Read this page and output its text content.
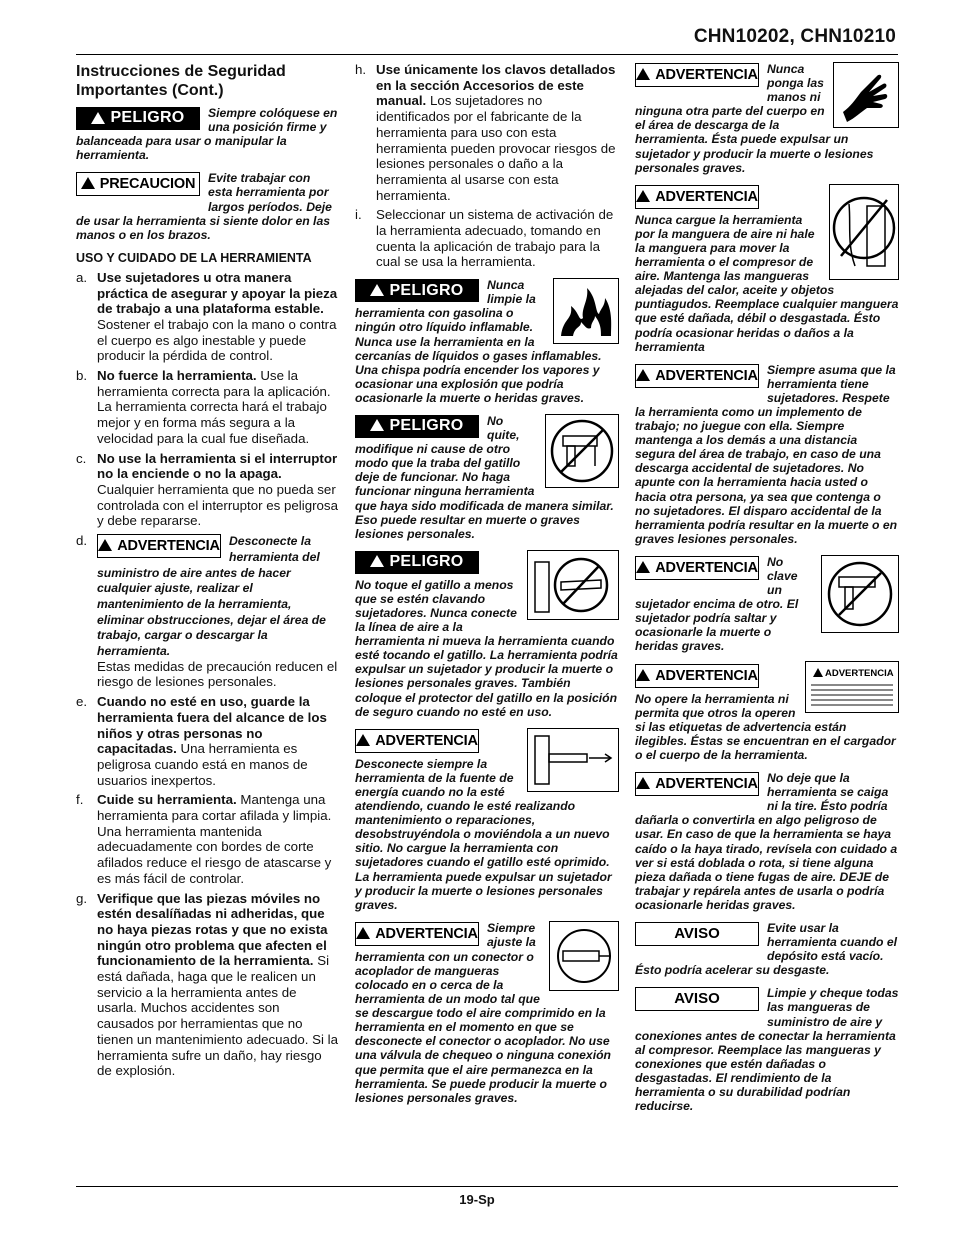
CHN10202, CHN10210
Instrucciones de Seguridad Importantes (Cont.)
PELIGRO Siempre colóquese en una posición firme y balanceada para usar o manipular la herramienta.
PRECAUCION Evite trabajar con esta herramienta por largos períodos. Deje de usar la herramienta si siente dolor en las manos o en los brazos.
USO Y CUIDADO DE LA HERRAMIENTA
a. Use sujetadores u otra manera práctica de asegurar y apoyar la pieza de trabajo a una plataforma estable. Sostener el trabajo con la mano o contra el cuerpo es algo inestable y puede producir la pérdida de control.
b. No fuerce la herramienta. Use la herramienta correcta para la aplicación. La herramienta correcta hará el trabajo mejor y en forma más segura a la velocidad para la cual fue diseñada.
c. No use la herramienta si el interruptor no la enciende o no la apaga. Cualquier herramienta que no pueda ser controlada con el interruptor es peligrosa y debe repararse.
d. ADVERTENCIA Desconecte la herramienta del suministro de aire antes de hacer cualquier ajuste, realizar el mantenimiento de la herramienta, eliminar obstrucciones, dejar el área de trabajo, cargar o descargar la herramienta.Estas medidas de precaución reducen el riesgo de lesiones personales.
e. Cuando no esté en uso, guarde la herramienta fuera del alcance de los niños y otras personas no capacitadas. Una herramienta es peligrosa cuando está en manos de usuarios inexpertos.
f. Cuide su herramienta. Mantenga una herramienta para cortar afilada y limpia. Una herramienta mantenida adecuadamente con bordes de corte afilados reduce el riesgo de atascarse y es más fácil de controlar.
g. Verifique que las piezas móviles no estén desalíñadas ni adheridas, que no haya piezas rotas y que no exista ningún otro problema que afecten el funcionamiento de la herramienta. Si está dañada, haga que le realicen un servicio a la herramienta antes de usarla. Muchos accidentes son causados por herramientas que no tienen un mantenimiento adecuado. Si la herramienta sufre un daño, hay riesgo de explosión.
h. Use únicamente los clavos detallados en la sección Accesorios de este manual. Los sujetadores no identificados por el fabricante de la herramienta para uso con esta herramienta pueden provocar riesgos de lesiones personales o daño a la herramienta al usarse con esta herramienta.
i. Seleccionar un sistema de activación de la herramienta adecuado, tomando en cuenta la aplicación de trabajo para la cual se usa la herramienta.
PELIGRO Nunca limpie la herramienta con gasolina o ningún otro líquido inflamable. Nunca use la herramienta en la cercanías de líquidos o gases inflamables. Una chispa podría encender los vapores y ocasionar una explosión que podría ocasionarle la muerte o heridas graves.
PELIGRO No quite, modifique ni cause de otro modo que la traba del gatillo deje de funcionar. No haga funcionar ninguna herramienta que haya sido modificada de manera similar. Eso puede resultar en muerte o graves lesiones personales.
PELIGRO
No toque el gatillo a menos que se estén clavando sujetadores. Nunca conecte la línea de aire a la herramienta ni mueva la herramienta cuando esté tocando el gatillo. La herramienta podría expulsar un sujetador y producir la muerte o lesiones personales graves. También coloque el protector del gatillo en la posición de seguro cuando no esté en uso.
ADVERTENCIA
Desconecte siempre la herramienta de la fuente de energía cuando no la esté atendiendo, cuando le esté realizando mantenimiento o reparaciones, desobstruyéndola o moviéndola a un nuevo sitio. No cargue la herramienta con sujetadores cuando el gatillo esté oprimido. La herramienta puede expulsar un sujetador y producir la muerte o lesiones personales graves.
ADVERTENCIA Siempre ajuste la herramienta con un conector o acoplador de mangueras colocado en o cerca de la herramienta de un modo tal que se descargue todo el aire comprimido en la herramienta en el momento en que se desconecte el conector o acoplador. No use una válvula de chequeo o ninguna conexión que permita que el aire permanezca en la herramienta. Se puede producir la muerte o lesiones personales graves.
ADVERTENCIA Nunca ponga las manos ni ninguna otra parte del cuerpo en el área de descarga de la herramienta. Ésta puede expulsar un sujetador y producir la muerte o lesiones personales graves.
ADVERTENCIA
Nunca cargue la herramienta por la manguera de aire ni hale la manguera para mover la herramienta o el compresor de aire. Mantenga las mangueras alejadas del calor, aceite y objetos puntiagudos. Reemplace cualquier manguera que esté dañada, débil o desgastada. Ésto podría ocasionar heridas o daños a la herramienta
ADVERTENCIA Siempre asuma que la herramienta tiene sujetadores. Respete la herramienta como un implemento de trabajo; no juegue con ella. Siempre mantenga a los demás a una distancia segura del área de trabajo, en caso de una descarga accidental de sujetadores. No apunte con la herramienta hacia usted o hacia otra persona, ya sea que contenga o no sujetadores. El disparo accidental de la herramienta podría resultar en la muerte o en graves lesiones personales.
ADVERTENCIA No clave un sujetador encima de otro. El sujetador podría saltar y ocasionarle la muerte o heridas graves.
ADVERTENCIA
ADVERTENCIA
No opere la herramienta ni permita que otros la operen si las etiquetas de advertencia están ilegibles. Éstas se encuentran en el cargador o el cuerpo de la herramienta.
ADVERTENCIA No deje que la herramienta se caiga ni la tire. Ésto podría dañarla o convertirla en algo peligroso de usar. En caso de que la herramienta se haya caído o la haya tirado, revísela con cuidado a ver si está doblada o rota, si tiene alguna pieza dañada o tiene fugas de aire. DEJE de trabajar y repárela antes de usarla o podría ocasionarle heridas graves.
AVISO	Evite usar la herramienta cuando el depósito está vacío. Ésto podría acelerar su desgaste.
AVISO	Limpie y cheque todas las mangueras de suministro de aire y conexiones antes de conectar la herramienta al compresor. Reemplace las mangueras y conexiones que estén dañadas o desgastadas. El rendimiento de la herramienta o su durabilidad podrían reducirse.
19-Sp
